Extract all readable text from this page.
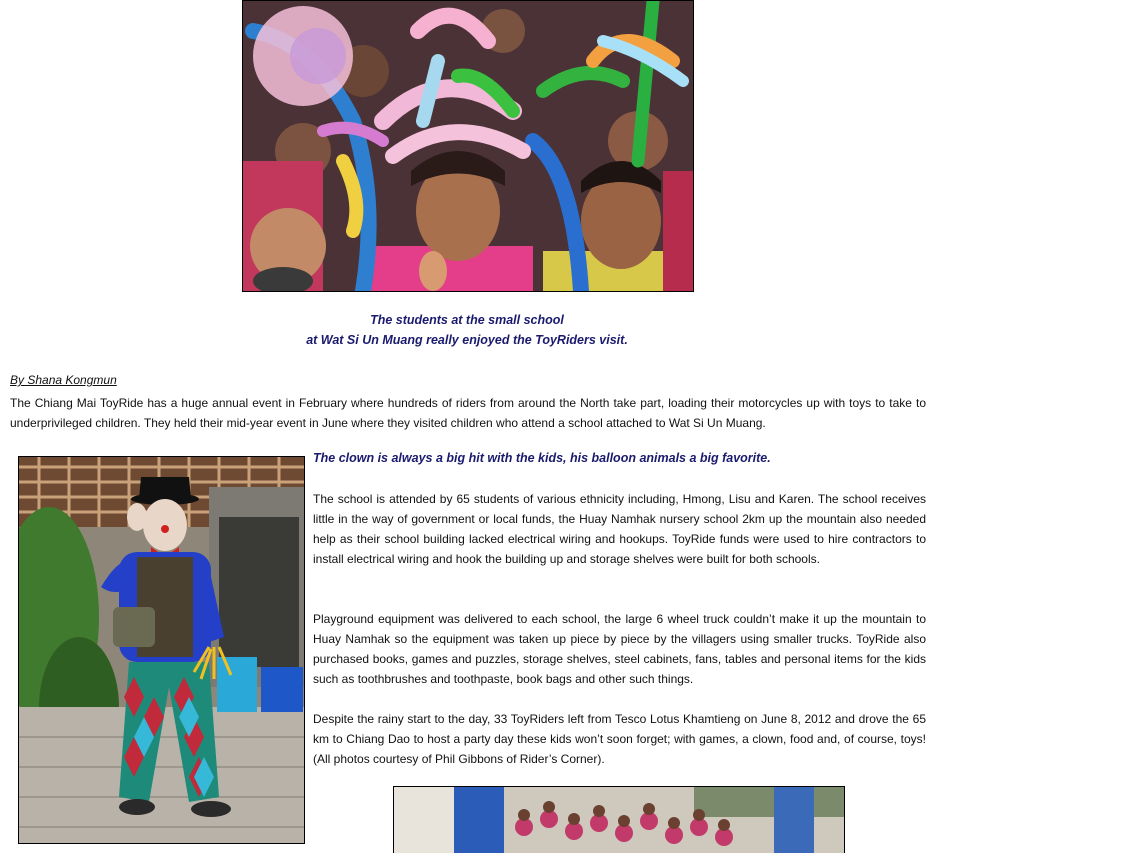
The students at the small school
at Wat Si Un Muang really enjoyed the ToyRiders visit.
By Shana Kongmun
The Chiang Mai ToyRide has a huge annual event in February where hundreds of riders from around the North take part, loading their motorcycles up with toys to take to underprivileged children. They held their mid-year event in June where they visited children who attend a school attached to Wat Si Un Muang.
The clown is always a big hit with the kids, his balloon animals a big favorite.
The school is attended by 65 students of various ethnicity including, Hmong, Lisu and Karen. The school receives little in the way of government or local funds, the Huay Namhak nursery school 2km up the mountain also needed help as their school building lacked electrical wiring and hookups. ToyRide funds were used to hire contractors to install electrical wiring and hook the building up and storage shelves were built for both schools.
Playground equipment was delivered to each school, the large 6 wheel truck couldn’t make it up the mountain to Huay Namhak so the equipment was taken up piece by piece by the villagers using smaller trucks. ToyRide also purchased books, games and puzzles, storage shelves, steel cabinets, fans, tables and personal items for the kids such as toothbrushes and toothpaste, book bags and other such things.
Despite the rainy start to the day, 33 ToyRiders left from Tesco Lotus Khamtieng on June 8, 2012 and drove the 65 km to Chiang Dao to host a party day these kids won’t soon forget; with games, a clown, food and, of course, toys! (All photos courtesy of Phil Gibbons of Rider’s Corner).
